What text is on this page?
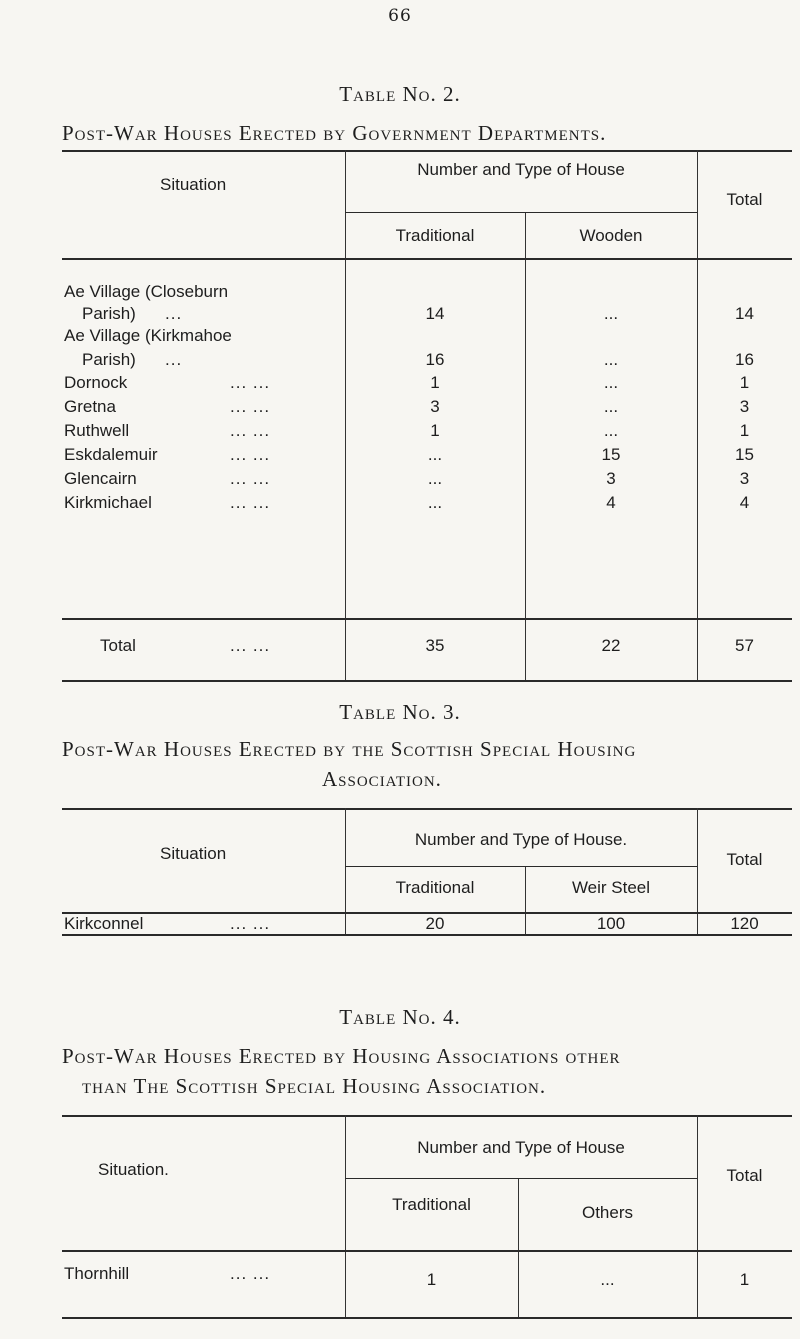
66
Table No. 2.
Post-War Houses Erected by Government Departments.
Situation
Number and Type of House
Traditional	Wooden
Total
Ae Village (Closeburn
Parish) ...	14	...	14
Ae Village (Kirkmahoe
Parish) ...	16	...	16
Dornock	... ...	1	...	1
Gretna	... ...	3	...	3
Ruthwell	... ...	1	...	1
Eskdalemuir	... ...	...	15	15
Glencairn	... ...	...	3	3
Kirkmichael	... ...	...	4	4
Total	... ...	35	22	57
Table No. 3.
Post-War Houses Erected by the Scottish Special Housing
Association.
Situation
Number and Type of House.
Traditional	Weir Steel
Total
Kirkconnel	... ...	20	100	120
Table No. 4.
Post-War Houses Erected by Housing Associations other
than The Scottish Special Housing Association.
Situation.
Number and Type of House
Traditional	Others
Total
Thornhill	... ...	1	...	1
